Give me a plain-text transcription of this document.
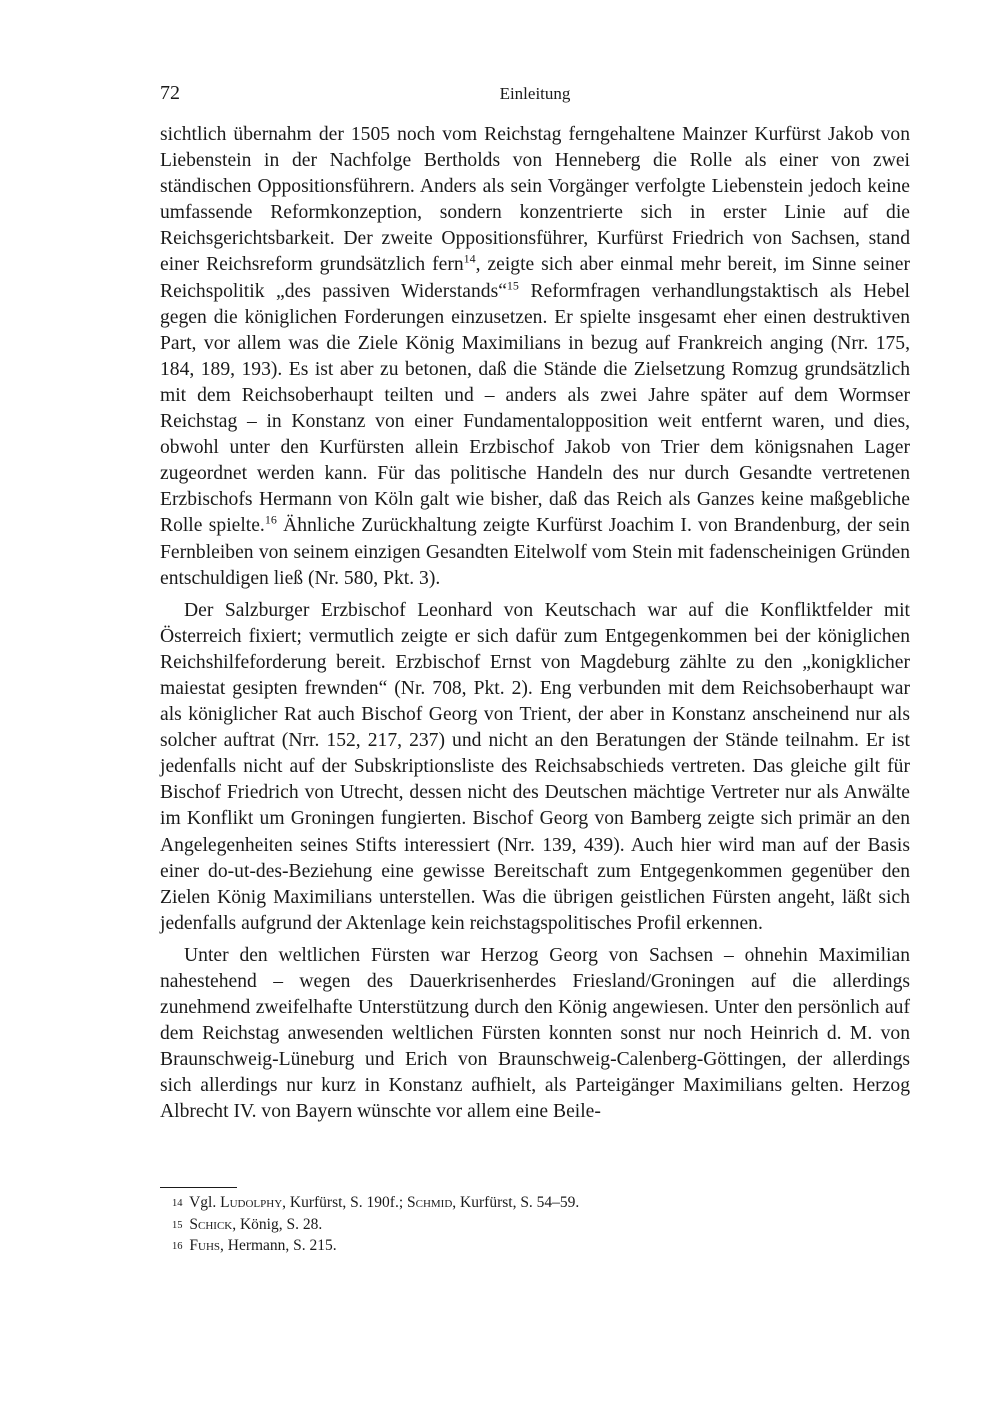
72	Einleitung

sichtlich übernahm der 1505 noch vom Reichstag ferngehaltene Mainzer Kurfürst Jakob von Liebenstein in der Nachfolge Bertholds von Henneberg die Rolle als einer von zwei ständischen Oppositionsführern. Anders als sein Vorgänger verfolgte Liebenstein jedoch keine umfassende Reformkonzeption, sondern konzentrierte sich in erster Linie auf die Reichsgerichtsbarkeit. Der zweite Oppositionsführer, Kurfürst Friedrich von Sachsen, stand einer Reichsreform grundsätzlich fern$^{14}$, zeigte sich aber einmal mehr bereit, im Sinne seiner Reichspolitik „des passiven Widerstands“$^{15}$ Reformfragen verhandlungstaktisch als Hebel gegen die königlichen Forderungen einzusetzen. Er spielte insgesamt eher einen destruktiven Part, vor allem was die Ziele König Maximilians in bezug auf Frankreich anging (Nrr. 175, 184, 189, 193). Es ist aber zu betonen, daß die Stände die Zielsetzung Romzug grundsätzlich mit dem Reichsoberhaupt teilten und – anders als zwei Jahre später auf dem Wormser Reichstag – in Konstanz von einer Fundamentalopposition weit entfernt waren, und dies, obwohl unter den Kurfürsten allein Erzbischof Jakob von Trier dem königsnahen Lager zugeordnet werden kann. Für das politische Handeln des nur durch Gesandte vertretenen Erzbischofs Hermann von Köln galt wie bisher, daß das Reich als Ganzes keine maßgebliche Rolle spielte.$^{16}$ Ähnliche Zurückhaltung zeigte Kurfürst Joachim I. von Brandenburg, der sein Fernbleiben von seinem einzigen Gesandten Eitelwolf vom Stein mit fadenscheinigen Gründen entschuldigen ließ (Nr. 580, Pkt. 3).

Der Salzburger Erzbischof Leonhard von Keutschach war auf die Konfliktfelder mit Österreich fixiert; vermutlich zeigte er sich dafür zum Entgegenkommen bei der königlichen Reichshilfeforderung bereit. Erzbischof Ernst von Magdeburg zählte zu den „konigklicher maiestat gesipten frewnden“ (Nr. 708, Pkt. 2). Eng verbunden mit dem Reichsoberhaupt war als königlicher Rat auch Bischof Georg von Trient, der aber in Konstanz anscheinend nur als solcher auftrat (Nrr. 152, 217, 237) und nicht an den Beratungen der Stände teilnahm. Er ist jedenfalls nicht auf der Subskriptionsliste des Reichsabschieds vertreten. Das gleiche gilt für Bischof Friedrich von Utrecht, dessen nicht des Deutschen mächtige Vertreter nur als Anwälte im Konflikt um Groningen fungierten. Bischof Georg von Bamberg zeigte sich primär an den Angelegenheiten seines Stifts interessiert (Nrr. 139, 439). Auch hier wird man auf der Basis einer do-ut-des-Beziehung eine gewisse Bereitschaft zum Entgegenkommen gegenüber den Zielen König Maximilians unterstellen. Was die übrigen geistlichen Fürsten angeht, läßt sich jedenfalls aufgrund der Aktenlage kein reichstagspolitisches Profil erkennen.

Unter den weltlichen Fürsten war Herzog Georg von Sachsen – ohnehin Maximilian nahestehend – wegen des Dauerkrisenherdes Friesland/Groningen auf die allerdings zunehmend zweifelhafte Unterstützung durch den König angewiesen. Unter den persönlich auf dem Reichstag anwesenden weltlichen Fürsten konnten sonst nur noch Heinrich d. M. von Braunschweig-Lüneburg und Erich von Braunschweig-Calenberg-Göttingen, der allerdings sich allerdings nur kurz in Konstanz aufhielt, als Parteigänger Maximilians gelten. Herzog Albrecht IV. von Bayern wünschte vor allem eine Beile-

14 Vgl. Ludolphy, Kurfürst, S. 190f.; Schmid, Kurfürst, S. 54–59.

15 Schick, König, S. 28.

16 Fuhs, Hermann, S. 215.
